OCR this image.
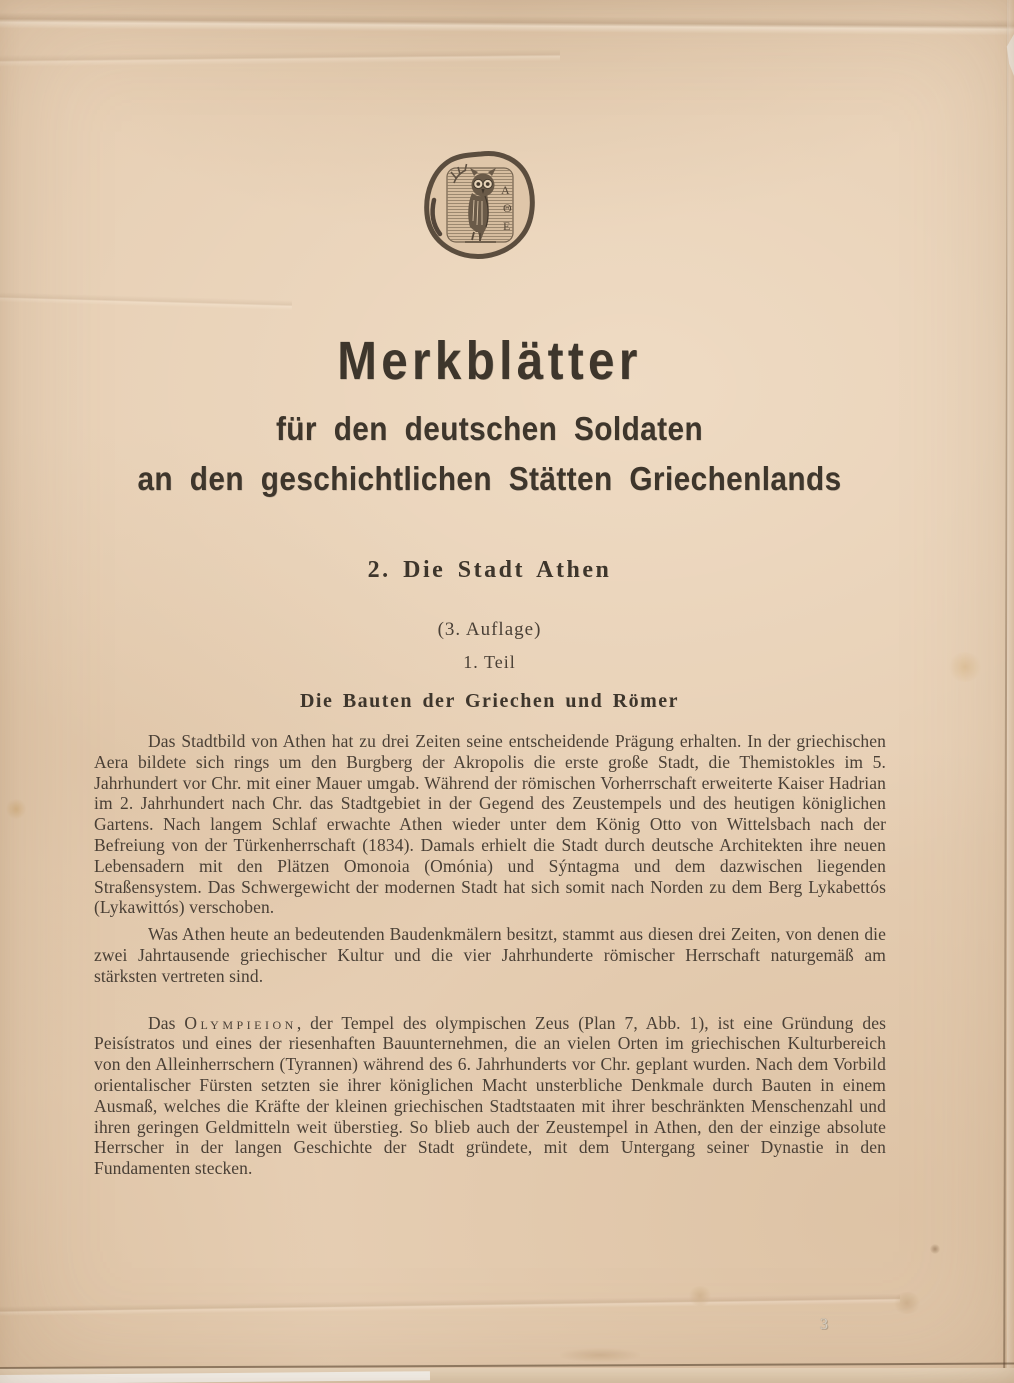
Α
Θ
Ε
Merkblätter
für den deutschen Soldaten
an den geschichtlichen Stätten Griechenlands
2. Die Stadt Athen
(3. Auflage)
1. Teil
Die Bauten der Griechen und Römer

Das Stadtbild von Athen hat zu drei Zeiten seine entscheidende Prägung erhalten. In der griechischen Aera bildete sich rings um den Burgberg der Akropolis die erste große Stadt, die Themistokles im 5. Jahrhundert vor Chr. mit einer Mauer umgab. Während der römischen Vorherrschaft erweiterte Kaiser Hadrian im 2. Jahrhundert nach Chr. das Stadtgebiet in der Gegend des Zeustempels und des heutigen königlichen Gartens. Nach langem Schlaf erwachte Athen wieder unter dem König Otto von Wittelsbach nach der Befreiung von der Türkenherrschaft (1834). Damals erhielt die Stadt durch deutsche Architekten ihre neuen Lebensadern mit den Plätzen Omonoia (Omónia) und Sýntagma und dem dazwischen liegenden Straßensystem. Das Schwergewicht der modernen Stadt hat sich somit nach Norden zu dem Berg Lykabettós (Lykawittós) verschoben.

Was Athen heute an bedeutenden Baudenkmälern besitzt, stammt aus diesen drei Zeiten, von denen die zwei Jahrtausende griechischer Kultur und die vier Jahrhunderte römischer Herrschaft naturgemäß am stärksten vertreten sind.

Das Olympieion, der Tempel des olympischen Zeus (Plan 7, Abb. 1), ist eine Gründung des Peisístratos und eines der riesenhaften Bauunternehmen, die an vielen Orten im griechischen Kulturbereich von den Alleinherrschern (Tyrannen) während des 6. Jahrhunderts vor Chr. geplant wurden. Nach dem Vorbild orientalischer Fürsten setzten sie ihrer königlichen Macht unsterbliche Denkmale durch Bauten in einem Ausmaß, welches die Kräfte der kleinen griechischen Stadtstaaten mit ihrer beschränkten Menschenzahl und ihren geringen Geldmitteln weit überstieg. So blieb auch der Zeustempel in Athen, den der einzige absolute Herrscher in der langen Geschichte der Stadt gründete, mit dem Untergang seiner Dynastie in den Fundamenten stecken.

3
